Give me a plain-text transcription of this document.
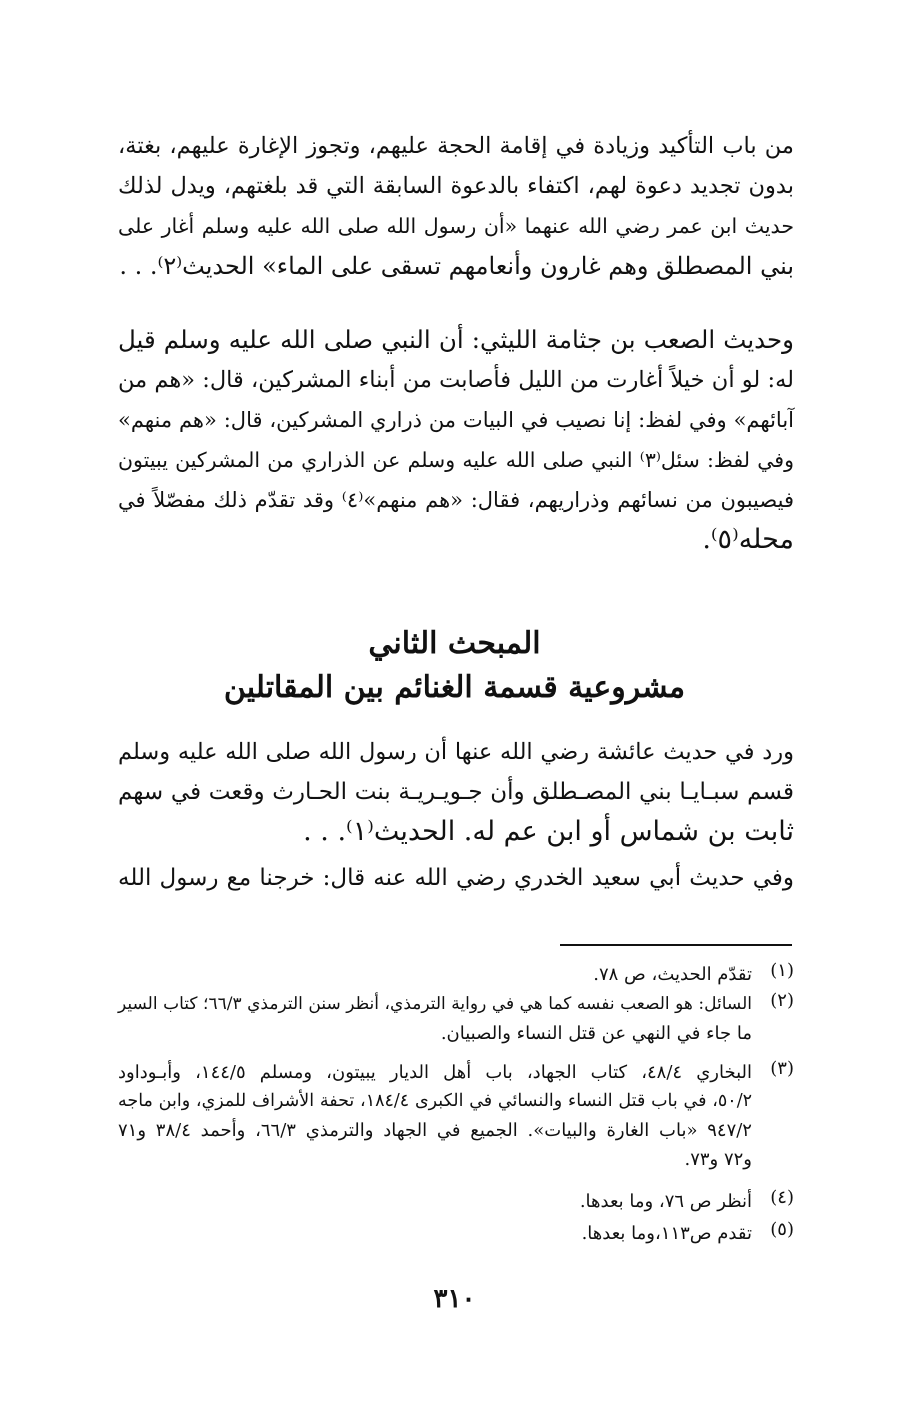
من باب التأكيد وزيادة في إقامة الحجة عليهم، وتجوز الإغارة عليهم، بغتة،
بدون تجديد دعوة لهم، اكتفاء بالدعوة السابقة التي قد بلغتهم، ويدل لذلك
حديث ابن عمر رضي الله عنهما «أن رسول الله صلى الله عليه وسلم أغار على
بني المصطلق وهم غارون وأنعامهم تسقى على الماء» الحديث⁽٢⁾. . .
وحديث الصعب بن جثامة الليثي: أن النبي صلى الله عليه وسلم قيل
له: لو أن خيلاً أغارت من الليل فأصابت من أبناء المشركين، قال: «هم من
آبائهم» وفي لفظ: إنا نصيب في البيات من ذراري المشركين، قال: «هم منهم»
وفي لفظ: سئل⁽٣⁾ النبي صلى الله عليه وسلم عن الذراري من المشركين يبيتون
فيصيبون من نسائهم وذراريهم، فقال: «هم منهم»⁽٤⁾ وقد تقدّم ذلك مفصّلاً في
محله⁽٥⁾.
المبحث الثاني
مشروعية قسمة الغنائم بين المقاتلين
ورد في حديث عائشة رضي الله عنها أن رسول الله صلى الله عليه وسلم
قسم سبـايـا بني المصـطلق وأن جـويـريـة بنت الحـارث وقعت في سهم
ثابت بن شماس أو ابن عم له. الحديث⁽١⁾. . .
وفي حديث أبي سعيد الخدري رضي الله عنه قال: خرجنا مع رسول الله
(١)
تقدّم الحديث، ص ٧٨.
(٢)
السائل: هو الصعب نفسه كما هي في رواية الترمذي، أنظر سنن الترمذي ٦٦/٣؛ كتاب السير
ما جاء في النهي عن قتل النساء والصبيان.
(٣)
البخاري ٤٨/٤، كتاب الجهاد، باب أهل الديار يبيتون، ومسلم ١٤٤/٥، وأبـوداود
٥٠/٢، في باب قتل النساء والنسائي في الكبرى ١٨٤/٤، تحفة الأشراف للمزي، وابن ماجه
٩٤٧/٢ «باب الغارة والبيات». الجميع في الجهاد والترمذي ٦٦/٣، وأحمد ٣٨/٤ و٧١
و٧٢ و٧٣.
(٤)
أنظر ص ٧٦، وما بعدها.
(٥)
تقدم ص١١٣،وما بعدها.
٣١٠
